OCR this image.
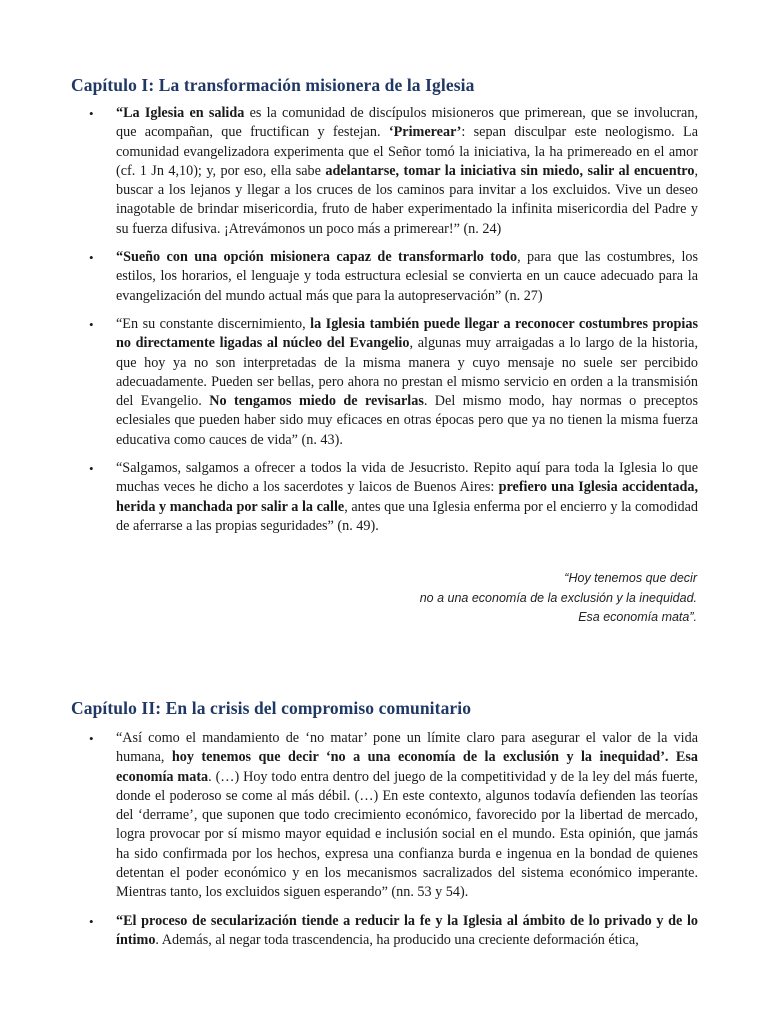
Capítulo I: La transformación misionera de la Iglesia
• “La Iglesia en salida es la comunidad de discípulos misioneros que primerean, que se involucran, que acompañan, que fructifican y festejan. ‘Primerear’: sepan disculpar este neologismo. La comunidad evangelizadora experimenta que el Señor tomó la iniciativa, la ha primereado en el amor (cf. 1 Jn 4,10); y, por eso, ella sabe adelantarse, tomar la iniciativa sin miedo, salir al encuentro, buscar a los lejanos y llegar a los cruces de los caminos para invitar a los excluidos. Vive un deseo inagotable de brindar misericordia, fruto de haber experimentado la infinita misericordia del Padre y su fuerza difusiva. ¡Atrevámonos un poco más a primerear!” (n. 24)
• “Sueño con una opción misionera capaz de transformarlo todo, para que las costumbres, los estilos, los horarios, el lenguaje y toda estructura eclesial se convierta en un cauce adecuado para la evangelización del mundo actual más que para la autopreservación” (n. 27)
• “En su constante discernimiento, la Iglesia también puede llegar a reconocer costumbres propias no directamente ligadas al núcleo del Evangelio, algunas muy arraigadas a lo largo de la historia, que hoy ya no son interpretadas de la misma manera y cuyo mensaje no suele ser percibido adecuadamente. Pueden ser bellas, pero ahora no prestan el mismo servicio en orden a la transmisión del Evangelio. No tengamos miedo de revisarlas. Del mismo modo, hay normas o preceptos eclesiales que pueden haber sido muy eficaces en otras épocas pero que ya no tienen la misma fuerza educativa como cauces de vida” (n. 43).
• “Salgamos, salgamos a ofrecer a todos la vida de Jesucristo. Repito aquí para toda la Iglesia lo que muchas veces he dicho a los sacerdotes y laicos de Buenos Aires: prefiero una Iglesia accidentada, herida y manchada por salir a la calle, antes que una Iglesia enferma por el encierro y la comodidad de aferrarse a las propias seguridades” (n. 49).
“Hoy tenemos que decir
no a una economía de la exclusión y la inequidad.
Esa economía mata”.
Capítulo II: En la crisis del compromiso comunitario
• “Así como el mandamiento de ‘no matar’ pone un límite claro para asegurar el valor de la vida humana, hoy tenemos que decir ‘no a una economía de la exclusión y la inequidad’. Esa economía mata. (…) Hoy todo entra dentro del juego de la competitividad y de la ley del más fuerte, donde el poderoso se come al más débil. (…) En este contexto, algunos todavía defienden las teorías del ‘derrame’, que suponen que todo crecimiento económico, favorecido por la libertad de mercado, logra provocar por sí mismo mayor equidad e inclusión social en el mundo. Esta opinión, que jamás ha sido confirmada por los hechos, expresa una confianza burda e ingenua en la bondad de quienes detentan el poder económico y en los mecanismos sacralizados del sistema económico imperante. Mientras tanto, los excluidos siguen esperando” (nn. 53 y 54).
• “El proceso de secularización tiende a reducir la fe y la Iglesia al ámbito de lo privado y de lo íntimo. Además, al negar toda trascendencia, ha producido una creciente deformación ética,
